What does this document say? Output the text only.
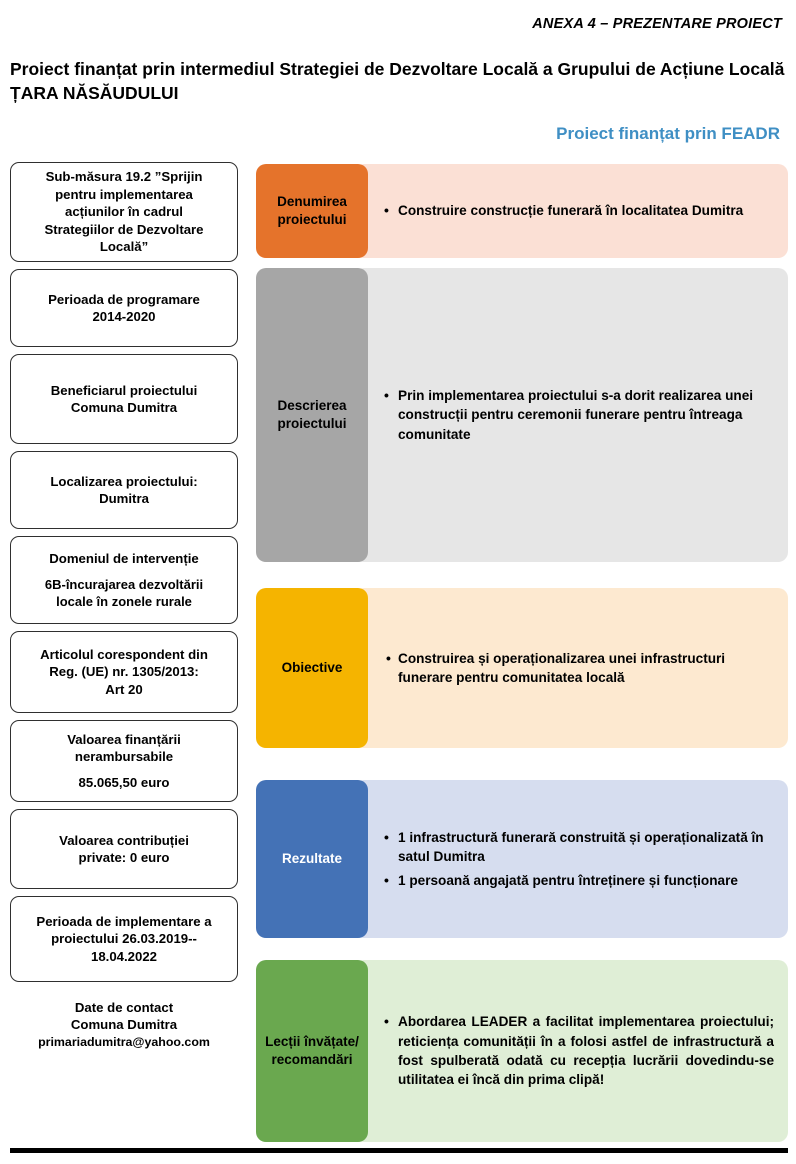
ANEXA 4 – PREZENTARE PROIECT
Proiect finanțat prin intermediul Strategiei de Dezvoltare Locală a Grupului de Acțiune Locală ȚARA NĂSĂUDULUI
Proiect finanțat prin FEADR
Sub-măsura 19.2 ”Sprijin
pentru implementarea
acțiunilor în cadrul
Strategiilor de Dezvoltare
Locală”
Perioada de programare
2014-2020
Beneficiarul proiectului
Comuna Dumitra
Localizarea proiectului:
Dumitra
Domeniul de intervenție
6B-încurajarea dezvoltării
locale în zonele rurale
Articolul corespondent din
Reg. (UE) nr. 1305/2013:
Art 20
Valoarea finanțării
nerambursabile
85.065,50 euro
Valoarea contribuției
private: 0 euro
Perioada de implementare a
proiectului 26.03.2019--
18.04.2022
Date de contact
Comuna Dumitra
primariadumitra@yahoo.com
Denumirea proiectului
• Construire construcție funerară în localitatea Dumitra
Descrierea proiectului
• Prin implementarea proiectului s-a dorit realizarea unei construcții pentru ceremonii funerare pentru întreaga comunitate
Obiective
• Construirea și operaționalizarea unei infrastructuri funerare pentru comunitatea locală
Rezultate
• 1 infrastructură funerară construită și operaționalizată în satul Dumitra
• 1 persoană angajată pentru întreținere și funcționare
Lecții învățate/ recomandări
• Abordarea LEADER a facilitat implementarea proiectului; reticiența comunității în a folosi astfel de infrastructură a fost spulberată odată cu recepția lucrării dovedindu-se utilitatea ei încă din prima clipă!
